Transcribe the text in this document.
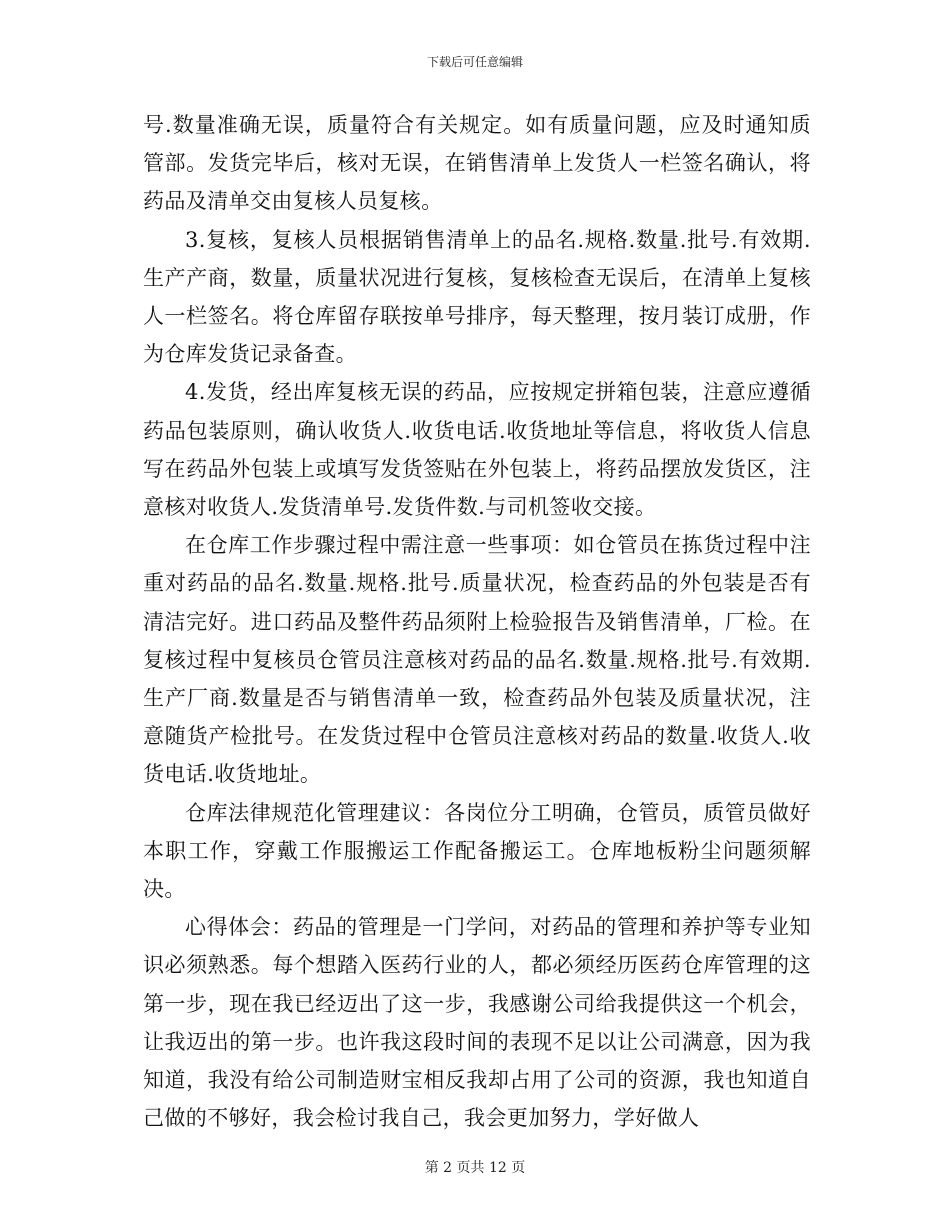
下载后可任意编辑

号.数量准确无误，质量符合有关规定。如有质量问题，应及时通知质管部。发货完毕后，核对无误，在销售清单上发货人一栏签名确认，将药品及清单交由复核人员复核。

3.复核，复核人员根据销售清单上的品名.规格.数量.批号.有效期.生产产商，数量，质量状况进行复核，复核检查无误后，在清单上复核人一栏签名。将仓库留存联按单号排序，每天整理，按月装订成册，作为仓库发货记录备查。

4.发货，经出库复核无误的药品，应按规定拼箱包装，注意应遵循药品包装原则，确认收货人.收货电话.收货地址等信息，将收货人信息写在药品外包装上或填写发货签贴在外包装上，将药品摆放发货区，注意核对收货人.发货清单号.发货件数.与司机签收交接。

在仓库工作步骤过程中需注意一些事项：如仓管员在拣货过程中注重对药品的品名.数量.规格.批号.质量状况，检查药品的外包装是否有清洁完好。进口药品及整件药品须附上检验报告及销售清单，厂检。在复核过程中复核员仓管员注意核对药品的品名.数量.规格.批号.有效期.生产厂商.数量是否与销售清单一致，检查药品外包装及质量状况，注意随货产检批号。在发货过程中仓管员注意核对药品的数量.收货人.收货电话.收货地址。

仓库法律规范化管理建议：各岗位分工明确，仓管员，质管员做好本职工作，穿戴工作服搬运工作配备搬运工。仓库地板粉尘问题须解决。

心得体会：药品的管理是一门学问，对药品的管理和养护等专业知识必须熟悉。每个想踏入医药行业的人，都必须经历医药仓库管理的这第一步，现在我已经迈出了这一步，我感谢公司给我提供这一个机会，让我迈出的第一步。也许我这段时间的表现不足以让公司满意，因为我知道，我没有给公司制造财宝相反我却占用了公司的资源，我也知道自己做的不够好，我会检讨我自己，我会更加努力，学好做人

第 2 页共 12 页
